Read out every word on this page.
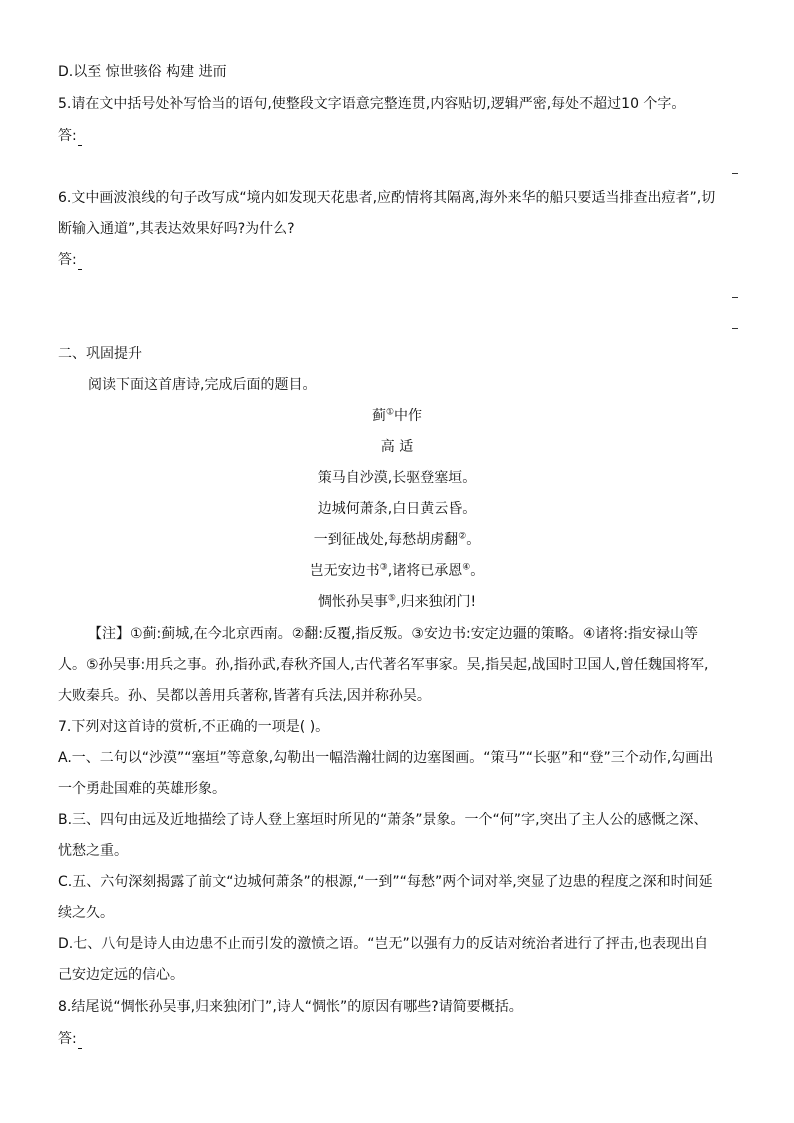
D.以至 惊世骇俗 构建 进而
5.请在文中括号处补写恰当的语句,使整段文字语意完整连贯,内容贴切,逻辑严密,每处不超过10 个字。
答:
6.文中画波浪线的句子改写成“境内如发现天花患者,应酌情将其隔离,海外来华的船只要适当排查出痘者”,切
断输入通道”,其表达效果好吗?为什么?
答:
二、巩固提升
阅读下面这首唐诗,完成后面的题目。
蓟①中作
高 适
策马自沙漠,长驱登塞垣。
边城何萧条,白日黄云昏。
一到征战处,每愁胡虏翻②。
岂无安边书③,诸将已承恩④。
惆怅孙吴事⑤,归来独闭门!
【注】①蓟:蓟城,在今北京西南。②翻:反覆,指反叛。③安边书:安定边疆的策略。④诸将:指安禄山等
人。⑤孙吴事:用兵之事。孙,指孙武,春秋齐国人,古代著名军事家。吴,指吴起,战国时卫国人,曾任魏国将军,
大败秦兵。孙、吴都以善用兵著称,皆著有兵法,因并称孙吴。
7.下列对这首诗的赏析,不正确的一项是( )。
A.一、二句以“沙漠”“塞垣”等意象,勾勒出一幅浩瀚壮阔的边塞图画。“策马”“长驱”和“登”三个动作,勾画出
一个勇赴国难的英雄形象。
B.三、四句由远及近地描绘了诗人登上塞垣时所见的“萧条”景象。一个“何”字,突出了主人公的感慨之深、
忧愁之重。
C.五、六句深刻揭露了前文“边城何萧条”的根源,“一到”“每愁”两个词对举,突显了边患的程度之深和时间延
续之久。
D.七、八句是诗人由边患不止而引发的激愤之语。“岂无”以强有力的反诘对统治者进行了抨击,也表现出自
己安边定远的信心。
8.结尾说“惆怅孙吴事,归来独闭门”,诗人“惆怅”的原因有哪些?请简要概括。
答:
